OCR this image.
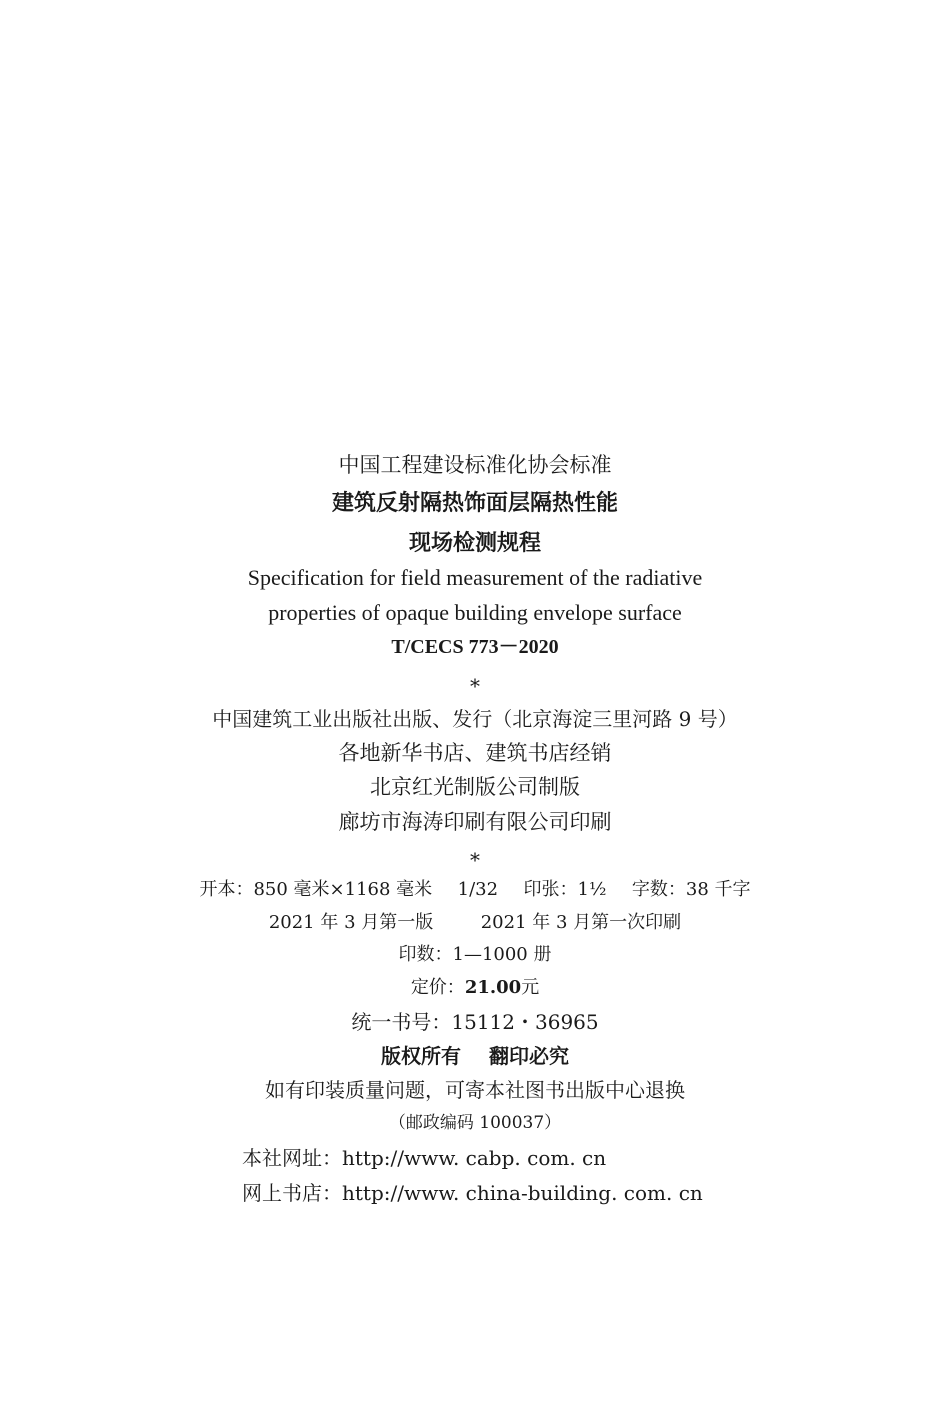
中国工程建设标准化协会标准
建筑反射隔热饰面层隔热性能
现场检测规程
Specification for field measurement of the radiative
properties of opaque building envelope surface
T/CECS 773－2020
*
中国建筑工业出版社出版、发行（北京海淀三里河路 9 号）
各地新华书店、建筑书店经销
北京红光制版公司制版
廊坊市海涛印刷有限公司印刷
*
开本：850 毫米×1168 毫米 1/32 印张：1½ 字数：38 千字
2021 年 3 月第一版	2021 年 3 月第一次印刷
印数：1—1000 册
定价：21.00元
统一书号：15112・36965
版权所有 翻印必究
如有印装质量问题，可寄本社图书出版中心退换
（邮政编码 100037）
本社网址：http://www. cabp. com. cn
网上书店：http://www. china-building. com. cn
